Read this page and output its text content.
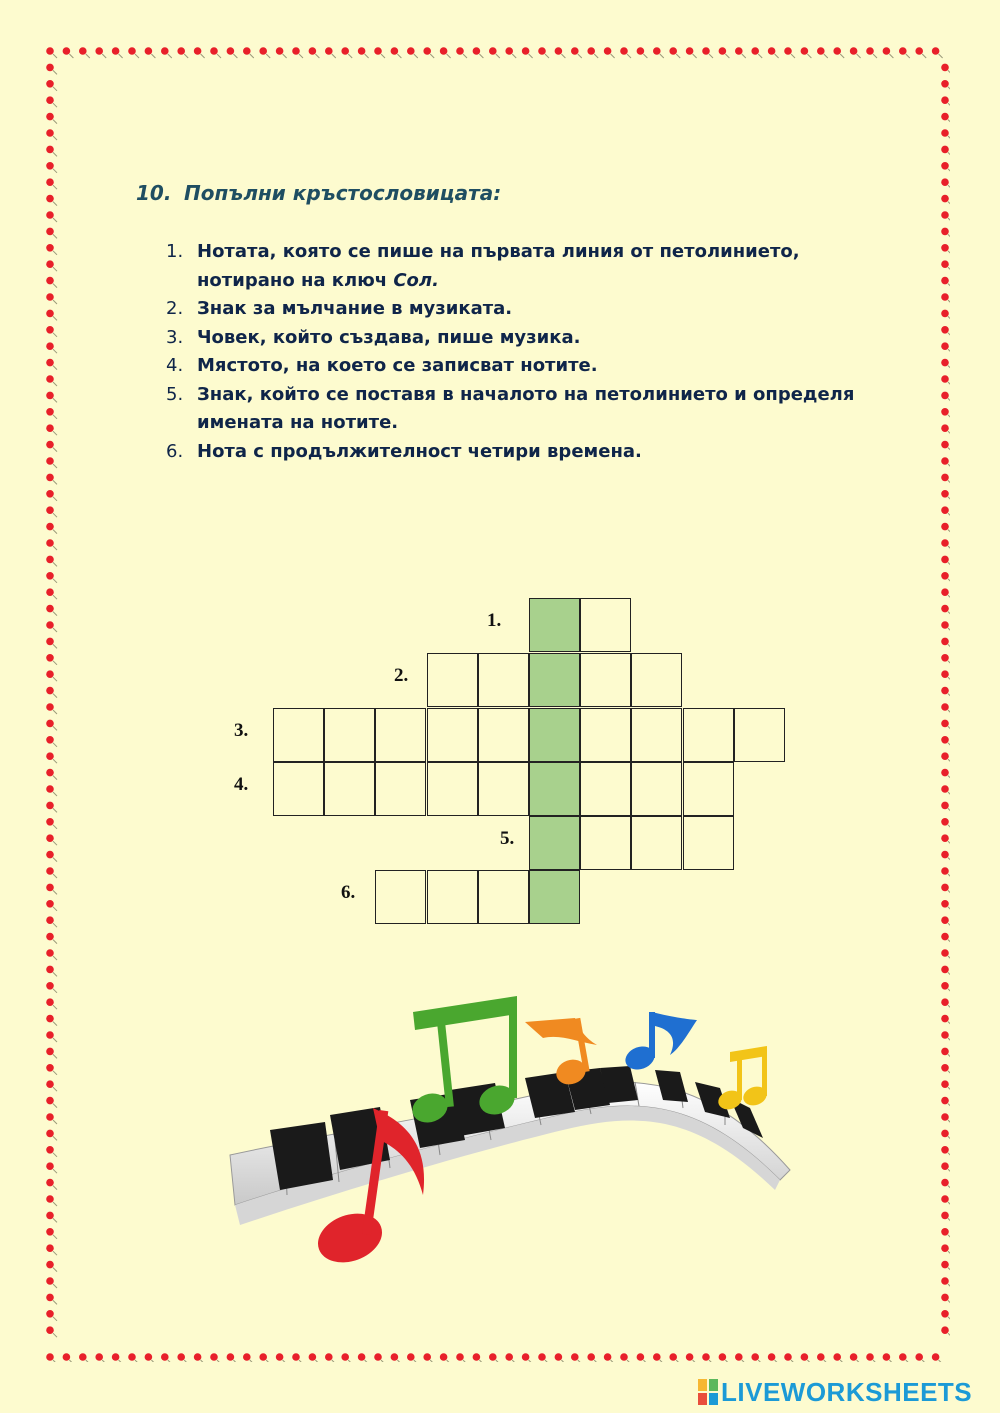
10. Попълни кръстословицата:
1. Нотата, която се пише на първата линия от петолинието, нотирано на ключ Сол.
2. Знак за мълчание в музиката.
3. Човек, който създава, пише музика.
4. Мястото, на което се записват нотите.
5. Знак, който се поставя в началото на петолинието и определя имената на нотите.
6. Нота с продължителност четири времена.
1.
2.
3.
4.
5.
6.
LIVEWORKSHEETS
